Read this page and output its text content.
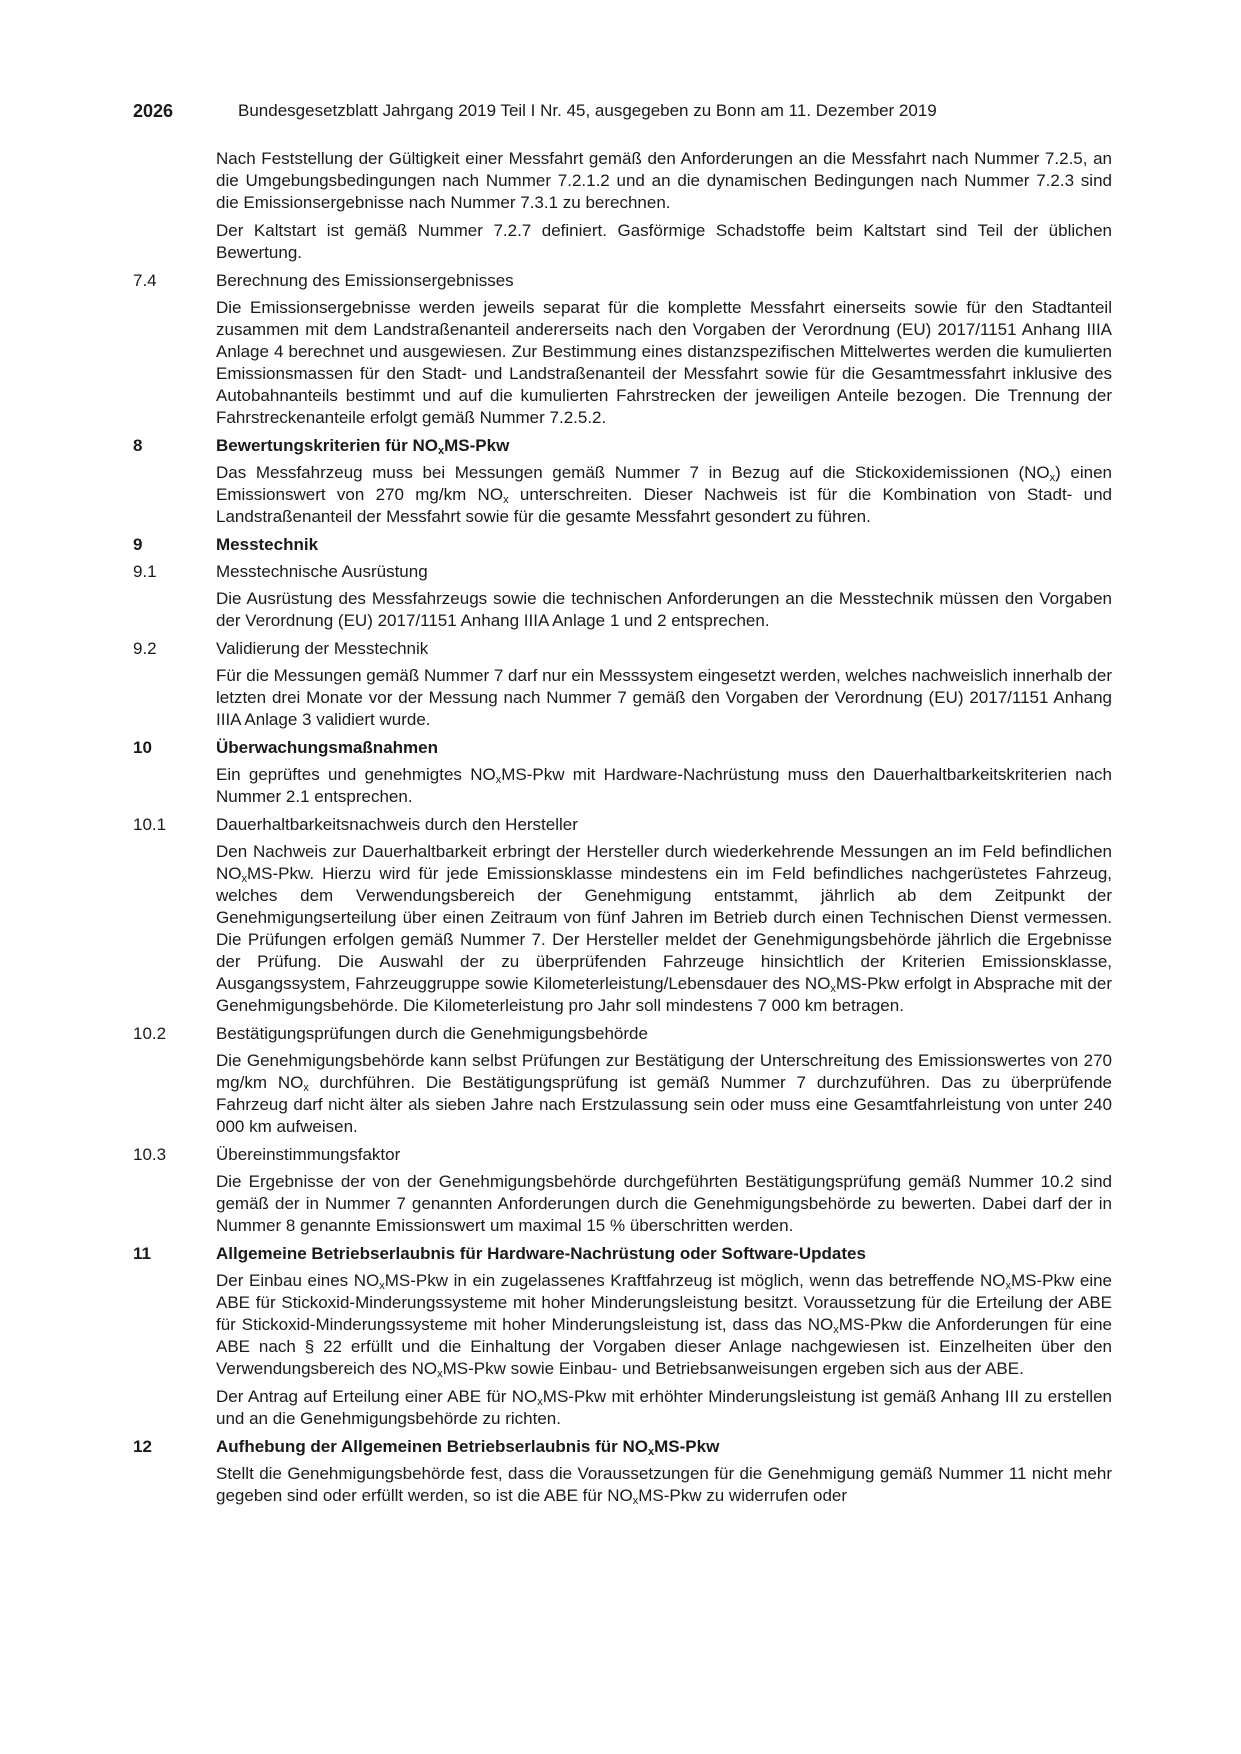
2026	Bundesgesetzblatt Jahrgang 2019 Teil I Nr. 45, ausgegeben zu Bonn am 11. Dezember 2019
Nach Feststellung der Gültigkeit einer Messfahrt gemäß den Anforderungen an die Messfahrt nach Nummer 7.2.5, an die Umgebungsbedingungen nach Nummer 7.2.1.2 und an die dynamischen Bedingungen nach Nummer 7.2.3 sind die Emissionsergebnisse nach Nummer 7.3.1 zu berechnen.
Der Kaltstart ist gemäß Nummer 7.2.7 definiert. Gasförmige Schadstoffe beim Kaltstart sind Teil der üblichen Bewertung.
7.4	Berechnung des Emissionsergebnisses
Die Emissionsergebnisse werden jeweils separat für die komplette Messfahrt einerseits sowie für den Stadtanteil zusammen mit dem Landstraßenanteil andererseits nach den Vorgaben der Verordnung (EU) 2017/1151 Anhang IIIA Anlage 4 berechnet und ausgewiesen. Zur Bestimmung eines distanzspezifischen Mittelwertes werden die kumulierten Emissionsmassen für den Stadt- und Landstraßenanteil der Messfahrt sowie für die Gesamtmessfahrt inklusive des Autobahnanteils bestimmt und auf die kumulierten Fahrstrecken der jeweiligen Anteile bezogen. Die Trennung der Fahrstreckenanteile erfolgt gemäß Nummer 7.2.5.2.
8	Bewertungskriterien für $NO_xMS$-Pkw
Das Messfahrzeug muss bei Messungen gemäß Nummer 7 in Bezug auf die Stickoxidemissionen $(NO_x)$ einen Emissionswert von 270 mg/km $NO_x$ unterschreiten. Dieser Nachweis ist für die Kombination von Stadt- und Landstraßenanteil der Messfahrt sowie für die gesamte Messfahrt gesondert zu führen.
9	Messtechnik
9.1	Messtechnische Ausrüstung
Die Ausrüstung des Messfahrzeugs sowie die technischen Anforderungen an die Messtechnik müssen den Vorgaben der Verordnung (EU) 2017/1151 Anhang IIIA Anlage 1 und 2 entsprechen.
9.2	Validierung der Messtechnik
Für die Messungen gemäß Nummer 7 darf nur ein Messsystem eingesetzt werden, welches nachweislich innerhalb der letzten drei Monate vor der Messung nach Nummer 7 gemäß den Vorgaben der Verordnung (EU) 2017/1151 Anhang IIIA Anlage 3 validiert wurde.
10	Überwachungsmaßnahmen
Ein geprüftes und genehmigtes $NO_xMS$-Pkw mit Hardware-Nachrüstung muss den Dauerhaltbarkeitskriterien nach Nummer 2.1 entsprechen.
10.1	Dauerhaltbarkeitsnachweis durch den Hersteller
Den Nachweis zur Dauerhaltbarkeit erbringt der Hersteller durch wiederkehrende Messungen an im Feld befindlichen $NO_xMS$-Pkw. Hierzu wird für jede Emissionsklasse mindestens ein im Feld befindliches nachgerüstetes Fahrzeug, welches dem Verwendungsbereich der Genehmigung entstammt, jährlich ab dem Zeitpunkt der Genehmigungserteilung über einen Zeitraum von fünf Jahren im Betrieb durch einen Technischen Dienst vermessen. Die Prüfungen erfolgen gemäß Nummer 7. Der Hersteller meldet der Genehmigungsbehörde jährlich die Ergebnisse der Prüfung. Die Auswahl der zu überprüfenden Fahrzeuge hinsichtlich der Kriterien Emissionsklasse, Ausgangssystem, Fahrzeuggruppe sowie Kilometerleistung/Lebensdauer des $NO_xMS$-Pkw erfolgt in Absprache mit der Genehmigungsbehörde. Die Kilometerleistung pro Jahr soll mindestens 7 000 km betragen.
10.2	Bestätigungsprüfungen durch die Genehmigungsbehörde
Die Genehmigungsbehörde kann selbst Prüfungen zur Bestätigung der Unterschreitung des Emissionswertes von 270 mg/km $NO_x$ durchführen. Die Bestätigungsprüfung ist gemäß Nummer 7 durchzuführen. Das zu überprüfende Fahrzeug darf nicht älter als sieben Jahre nach Erstzulassung sein oder muss eine Gesamtfahrleistung von unter 240 000 km aufweisen.
10.3	Übereinstimmungsfaktor
Die Ergebnisse der von der Genehmigungsbehörde durchgeführten Bestätigungsprüfung gemäß Nummer 10.2 sind gemäß der in Nummer 7 genannten Anforderungen durch die Genehmigungsbehörde zu bewerten. Dabei darf der in Nummer 8 genannte Emissionswert um maximal 15 % überschritten werden.
11	Allgemeine Betriebserlaubnis für Hardware-Nachrüstung oder Software-Updates
Der Einbau eines $NO_xMS$-Pkw in ein zugelassenes Kraftfahrzeug ist möglich, wenn das betreffende $NO_xMS$-Pkw eine ABE für Stickoxid-Minderungssysteme mit hoher Minderungsleistung besitzt. Voraussetzung für die Erteilung der ABE für Stickoxid-Minderungssysteme mit hoher Minderungsleistung ist, dass das $NO_xMS$-Pkw die Anforderungen für eine ABE nach § 22 erfüllt und die Einhaltung der Vorgaben dieser Anlage nachgewiesen ist. Einzelheiten über den Verwendungsbereich des $NO_xMS$-Pkw sowie Einbau- und Betriebsanweisungen ergeben sich aus der ABE.
Der Antrag auf Erteilung einer ABE für $NO_xMS$-Pkw mit erhöhter Minderungsleistung ist gemäß Anhang III zu erstellen und an die Genehmigungsbehörde zu richten.
12	Aufhebung der Allgemeinen Betriebserlaubnis für $NO_xMS$-Pkw
Stellt die Genehmigungsbehörde fest, dass die Voraussetzungen für die Genehmigung gemäß Nummer 11 nicht mehr gegeben sind oder erfüllt werden, so ist die ABE für $NO_xMS$-Pkw zu widerrufen oder
